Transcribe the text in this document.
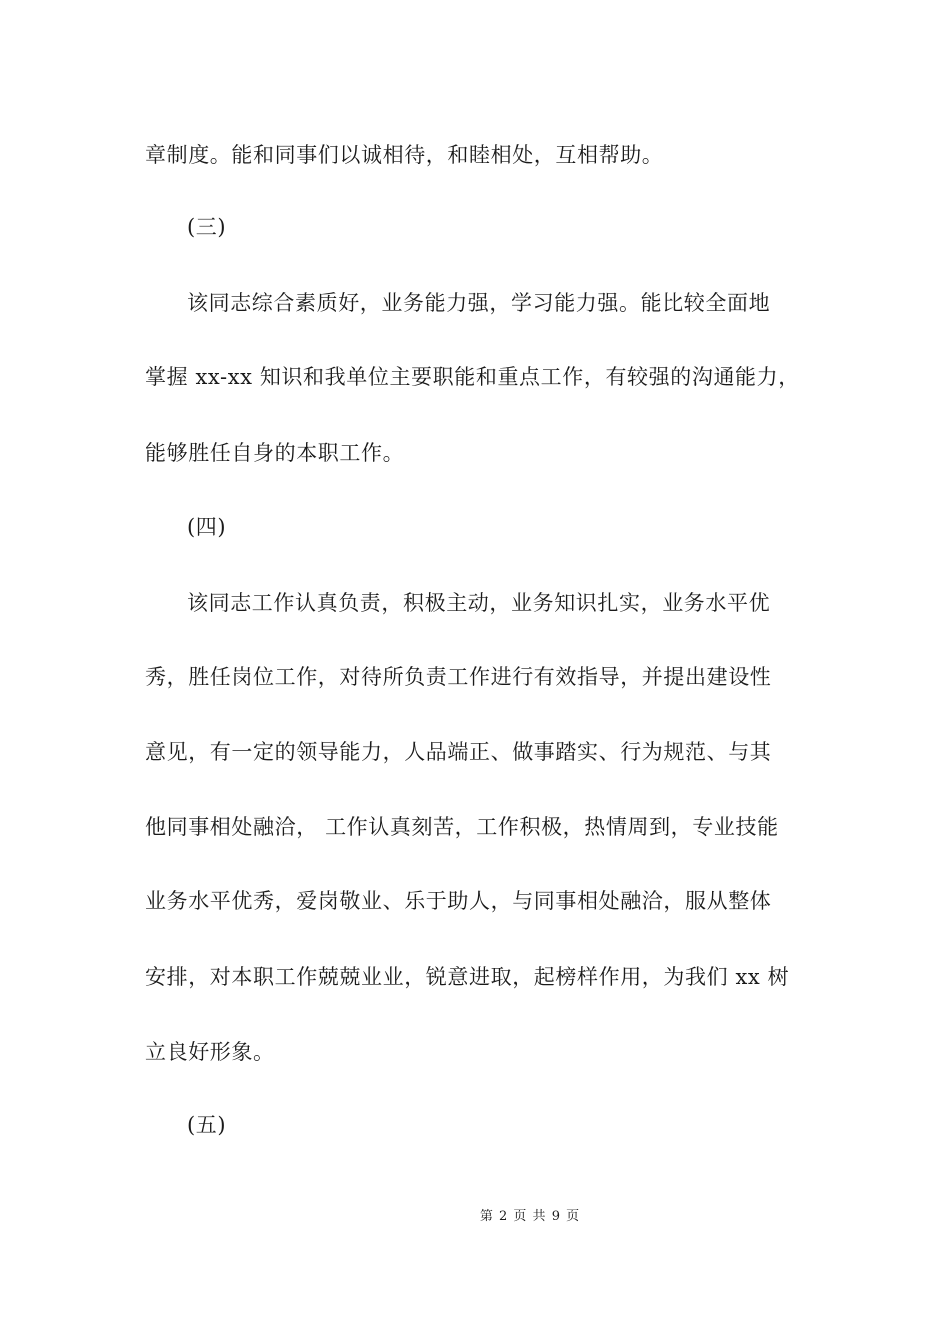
章制度。能和同事们以诚相待，和睦相处，互相帮助。

(三)

该同志综合素质好，业务能力强，学习能力强。能比较全面地

掌握 xx-xx 知识和我单位主要职能和重点工作，有较强的沟通能力，

能够胜任自身的本职工作。

(四)

该同志工作认真负责，积极主动，业务知识扎实，业务水平优

秀，胜任岗位工作，对待所负责工作进行有效指导，并提出建设性

意见，有一定的领导能力，人品端正、做事踏实、行为规范、与其

他同事相处融洽， 工作认真刻苦，工作积极，热情周到，专业技能

业务水平优秀，爱岗敬业、乐于助人，与同事相处融洽，服从整体

安排，对本职工作兢兢业业，锐意进取，起榜样作用，为我们 xx 树

立良好形象。

(五)

第 2 页 共 9 页
